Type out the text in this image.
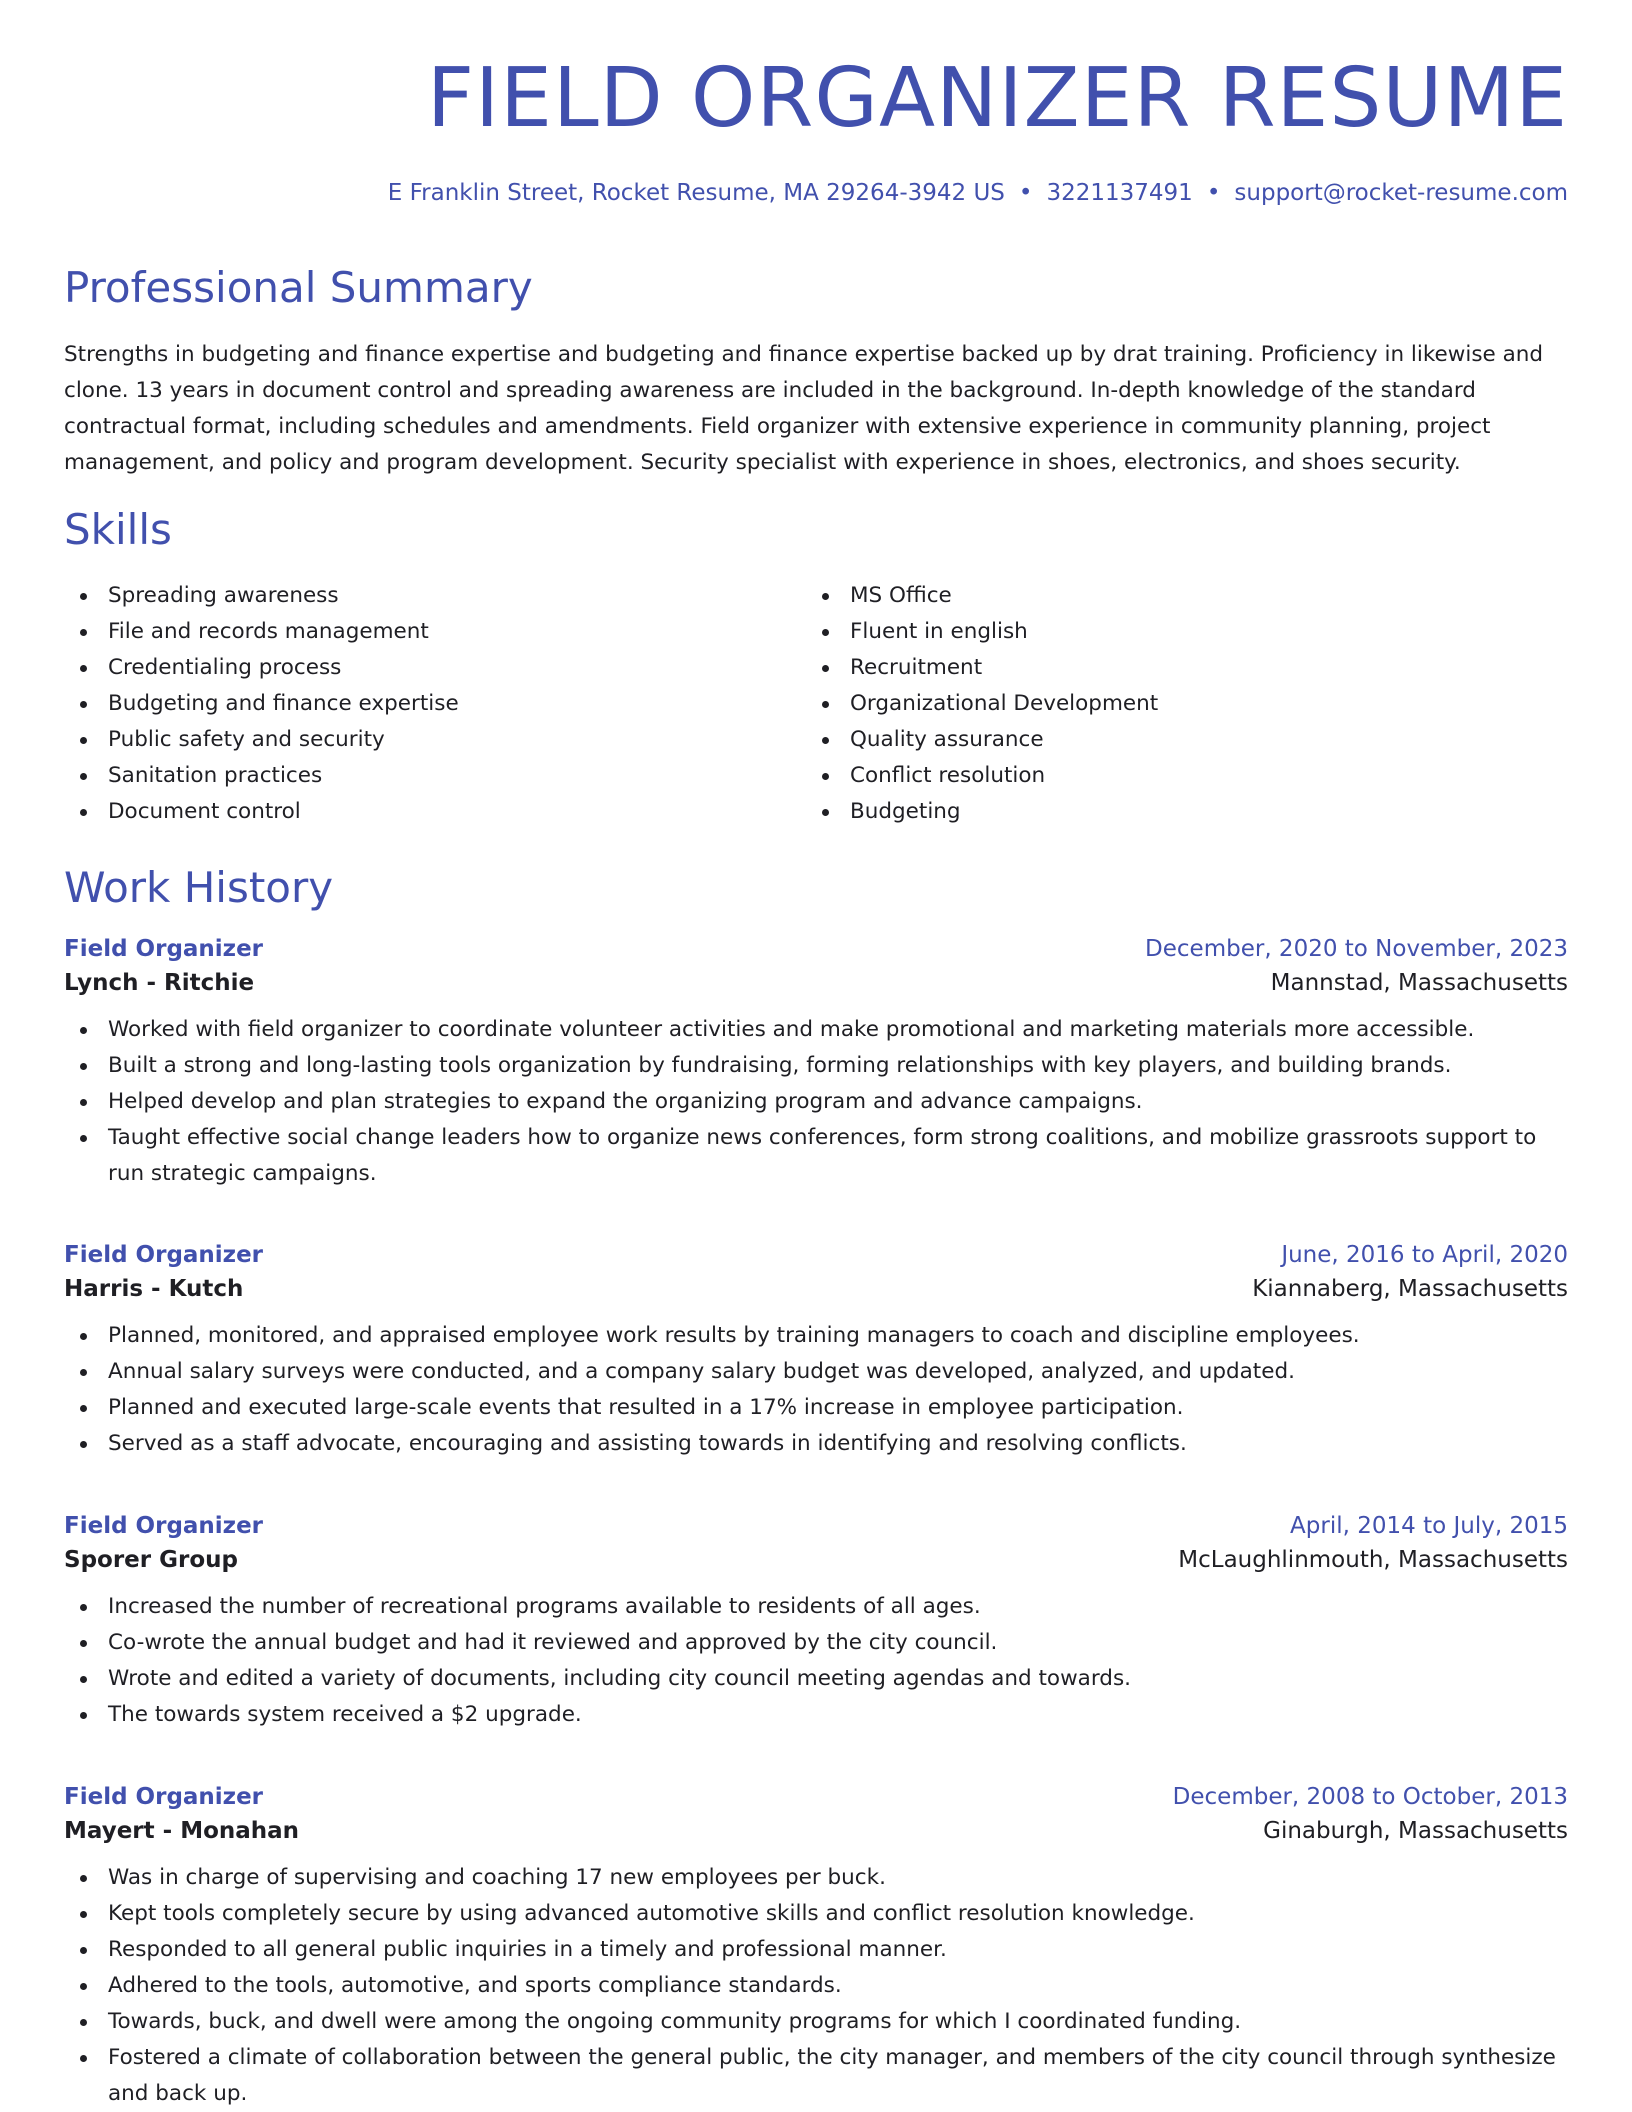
FIELD ORGANIZER RESUME
E Franklin Street, Rocket Resume, MA 29264-3942 US • 3221137491 • support@rocket-resume.com
Professional Summary

Strengths in budgeting and finance expertise and budgeting and finance expertise backed up by drat training. Proficiency in likewise and clone. 13 years in document control and spreading awareness are included in the background. In-depth knowledge of the standard contractual format, including schedules and amendments. Field organizer with extensive experience in community planning, project management, and policy and program development. Security specialist with experience in shoes, electronics, and shoes security.

Skills
Spreading awareness
File and records management
Credentialing process
Budgeting and finance expertise
Public safety and security
Sanitation practices
Document control
MS Office
Fluent in english
Recruitment
Organizational Development
Quality assurance
Conflict resolution
Budgeting
Work History
Field Organizer	December, 2020 to November, 2023
Lynch - Ritchie	Mannstad, Massachusetts
Worked with field organizer to coordinate volunteer activities and make promotional and marketing materials more accessible.
Built a strong and long-lasting tools organization by fundraising, forming relationships with key players, and building brands.
Helped develop and plan strategies to expand the organizing program and advance campaigns.
Taught effective social change leaders how to organize news conferences, form strong coalitions, and mobilize grassroots support to run strategic campaigns.
Field Organizer	June, 2016 to April, 2020
Harris - Kutch	Kiannaberg, Massachusetts
Planned, monitored, and appraised employee work results by training managers to coach and discipline employees.
Annual salary surveys were conducted, and a company salary budget was developed, analyzed, and updated.
Planned and executed large-scale events that resulted in a 17% increase in employee participation.
Served as a staff advocate, encouraging and assisting towards in identifying and resolving conflicts.
Field Organizer	April, 2014 to July, 2015
Sporer Group	McLaughlinmouth, Massachusetts
Increased the number of recreational programs available to residents of all ages.
Co-wrote the annual budget and had it reviewed and approved by the city council.
Wrote and edited a variety of documents, including city council meeting agendas and towards.
The towards system received a $2 upgrade.
Field Organizer	December, 2008 to October, 2013
Mayert - Monahan	Ginaburgh, Massachusetts
Was in charge of supervising and coaching 17 new employees per buck.
Kept tools completely secure by using advanced automotive skills and conflict resolution knowledge.
Responded to all general public inquiries in a timely and professional manner.
Adhered to the tools, automotive, and sports compliance standards.
Towards, buck, and dwell were among the ongoing community programs for which I coordinated funding.
Fostered a climate of collaboration between the general public, the city manager, and members of the city council through synthesize and back up.
